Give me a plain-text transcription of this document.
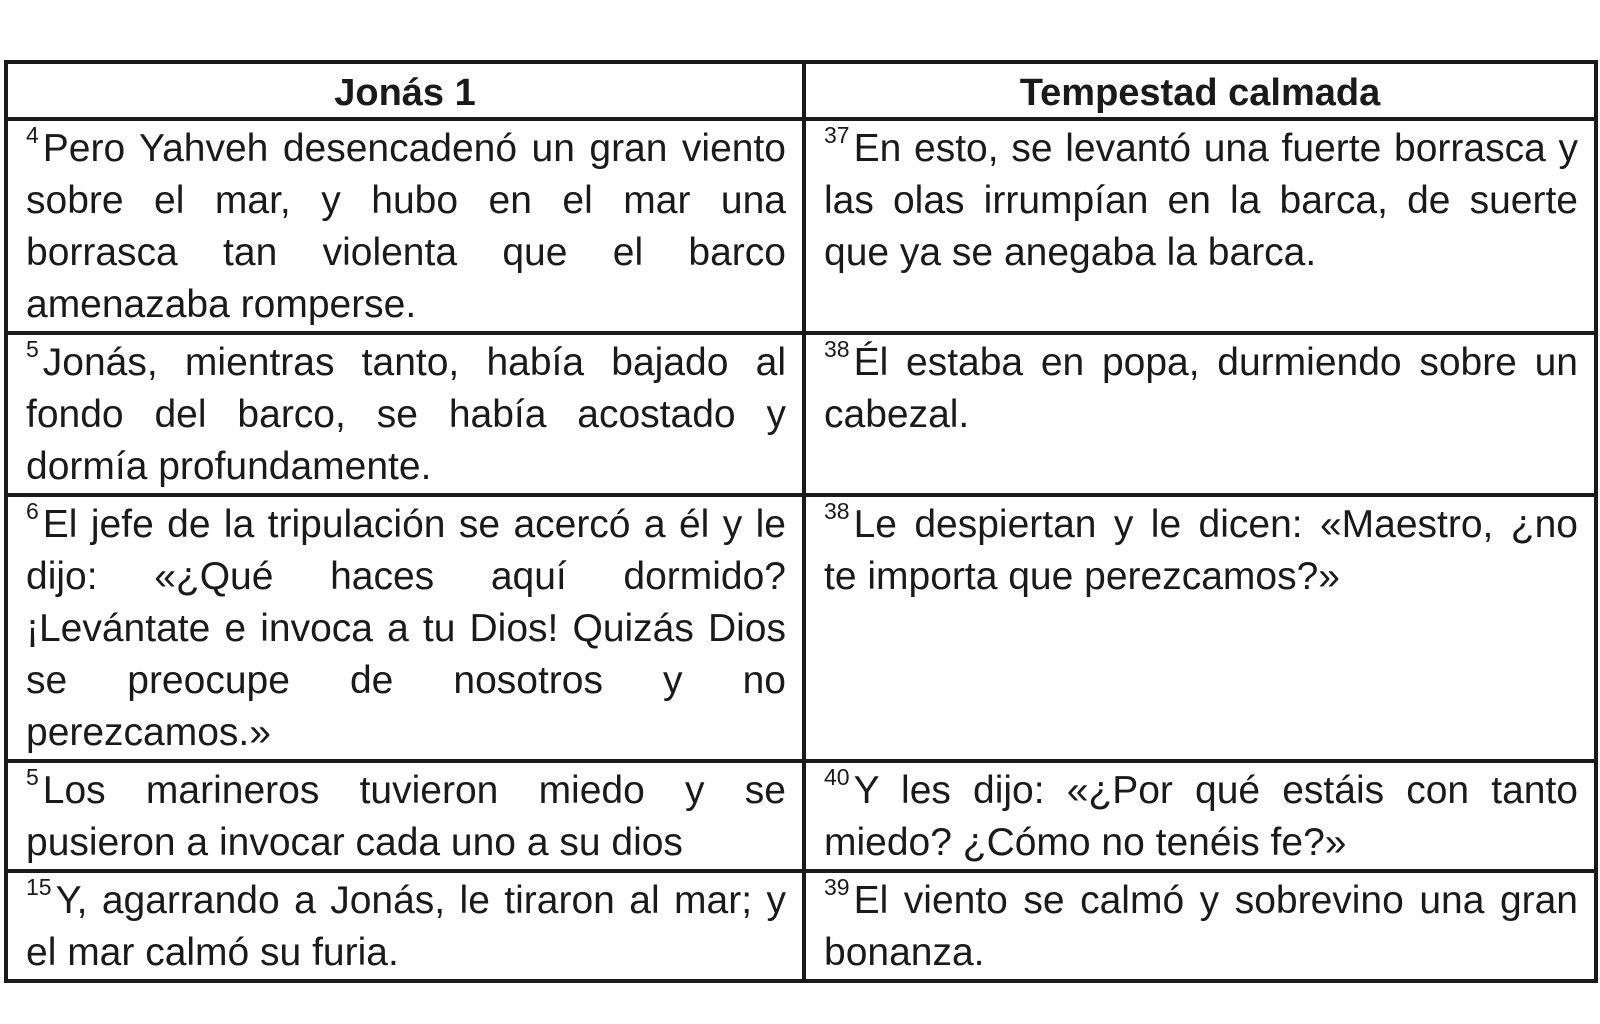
Jonás 1	Tempestad calmada
$^4$ Pero Yahveh desencadenó un gran viento sobre el mar, y hubo en el mar una borrasca tan violenta que el barco amenazaba romperse.	$^{37}$ En esto, se levantó una fuerte borrasca y las olas irrumpían en la barca, de suerte que ya se anegaba la barca.
$^5$ Jonás, mientras tanto, había bajado al fondo del barco, se había acostado y dormía profundamente.	$^{38}$ Él estaba en popa, durmiendo sobre un cabezal.
$^6$ El jefe de la tripulación se acercó a él y le dijo: «¿Qué haces aquí dormido? ¡Levántate e invoca a tu Dios! Quizás Dios se preocupe de nosotros y no perezcamos.»	$^{38}$ Le despiertan y le dicen: «Maestro, ¿no te importa que perezcamos?»
$^5$ Los marineros tuvieron miedo y se pusieron a invocar cada uno a su dios	$^{40}$ Y les dijo: «¿Por qué estáis con tanto miedo? ¿Cómo no tenéis fe?»
$^{15}$ Y, agarrando a Jonás, le tiraron al mar; y el mar calmó su furia.	$^{39}$ El viento se calmó y sobrevino una gran bonanza.
